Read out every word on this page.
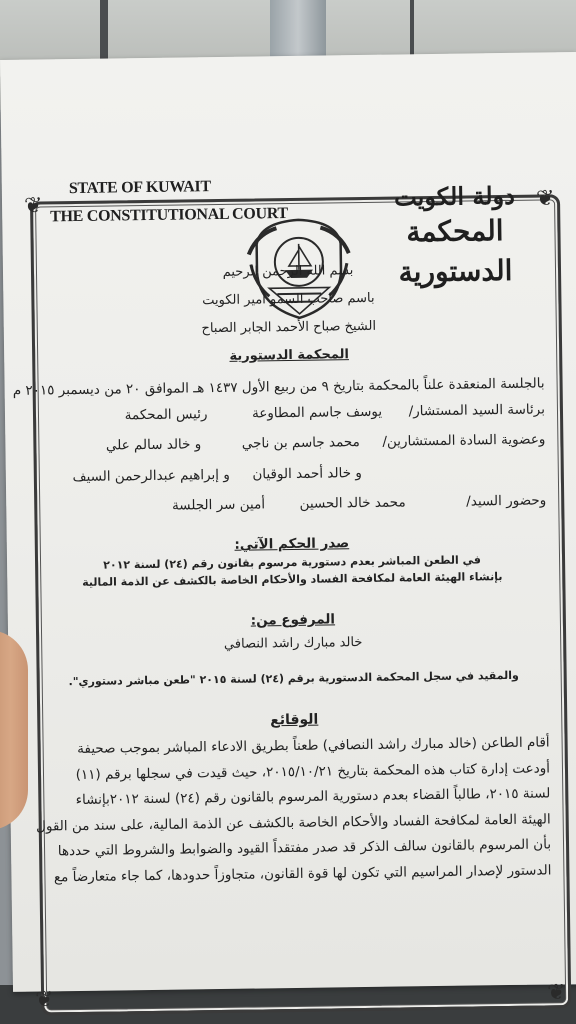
❦	❦
❦	❦
STATE OF KUWAIT
THE CONSTITUTIONAL COURT
دولة الكويت
المحكمة الدستورية
بسم الله الرحمن الرحيم
باسم صاحب السمو أمير الكويت
الشيخ صباح الأحمد الجابر الصباح
المحكمة الدستورية
بالجلسة المنعقدة علناً بالمحكمة بتاريخ ٩ من ربيع الأول ١٤٣٧ هـ الموافق ٢٠ من ديسمبر ٢٠١٥ م
برئاسة السيد المستشار/  يوسف جاسم المطاوعة  رئيس المحكمة
وعضوية السادة المستشارين/  محمد جاسم بن ناجي  و خالد سالم علي
و خالد أحمد الوقيان  و إبراهيم عبدالرحمن السيف
وحضور السيد/  محمد خالد الحسين  أمين سر الجلسة
صدر الحكم الآتي:
في الطعن المباشر بعدم دستورية مرسوم بقانون رقم (٢٤) لسنة ٢٠١٢
بإنشاء الهيئة العامة لمكافحة الفساد والأحكام الخاصة بالكشف عن الذمة المالية
المرفوع من:
خالد مبارك راشد النصافي
والمقيد في سجل المحكمة الدستورية برقم (٢٤) لسنة ٢٠١٥ "طعن مباشر دستوري".
الوقائع
أقام الطاعن (خالد مبارك راشد النصافي) طعناً بطريق الادعاء المباشر بموجب صحيفة
أودعت إدارة كتاب هذه المحكمة بتاريخ ٢٠١٥/١٠/٢١، حيث قيدت في سجلها برقم (١١)
لسنة ٢٠١٥، طالباً القضاء بعدم دستورية المرسوم بالقانون رقم (٢٤) لسنة ٢٠١٢بإنشاء
الهيئة العامة لمكافحة الفساد والأحكام الخاصة بالكشف عن الذمة المالية، على سند من القول
بأن المرسوم بالقانون سالف الذكر قد صدر مفتقداً القيود والضوابط والشروط التي حددها
الدستور لإصدار المراسيم التي تكون لها قوة القانون، متجاوزاً حدودها، كما جاء متعارضاً مع
